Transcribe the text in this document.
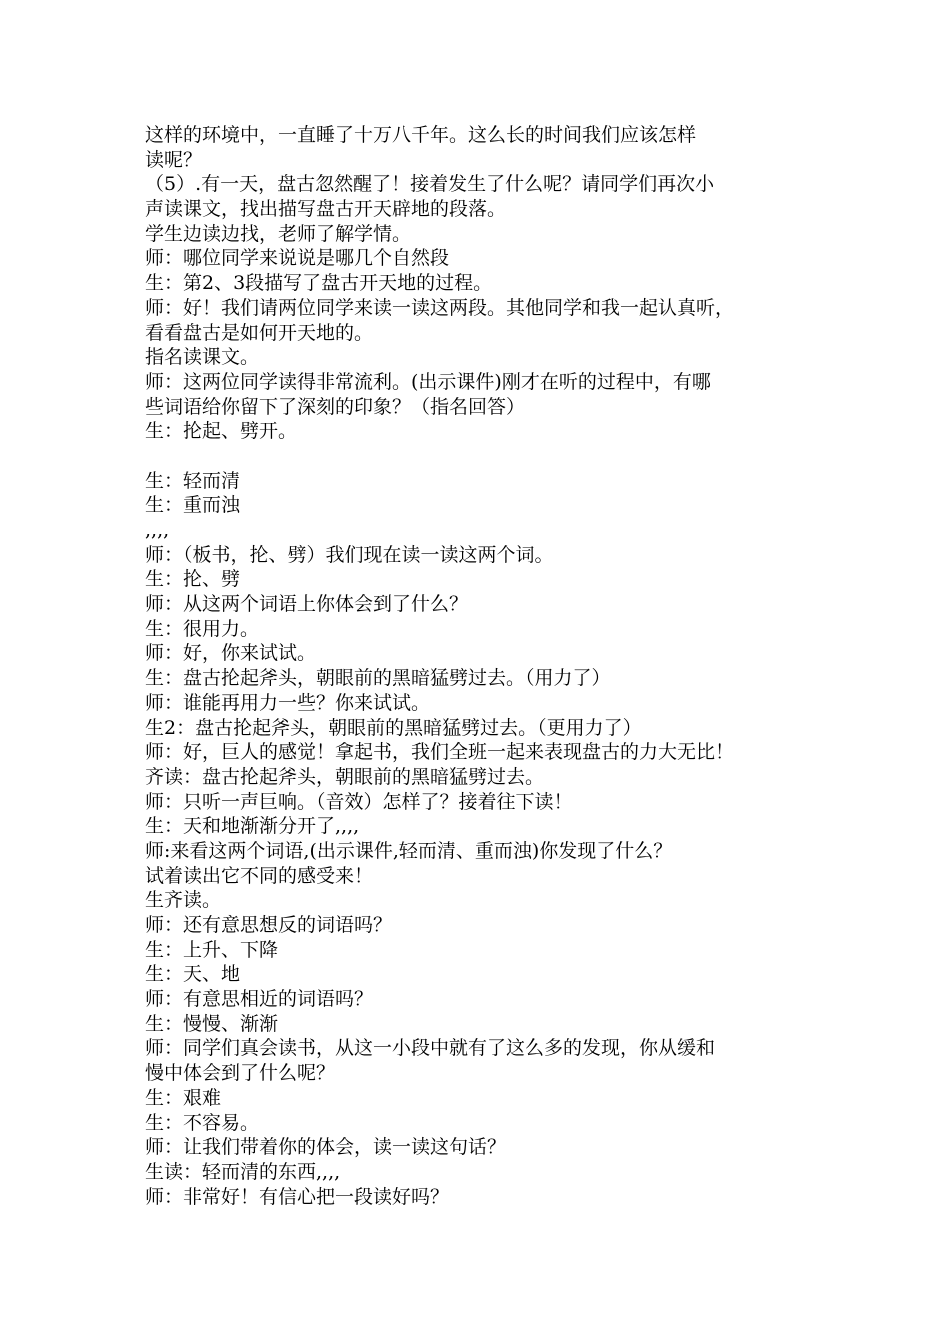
这样的环境中，一直睡了十万八千年。这么长的时间我们应该怎样
读呢？
（5）.有一天，盘古忽然醒了！接着发生了什么呢？请同学们再次小
声读课文，找出描写盘古开天辟地的段落。
学生边读边找，老师了解学情。
师：哪位同学来说说是哪几个自然段
生：第2、3段描写了盘古开天地的过程。
师：好！我们请两位同学来读一读这两段。其他同学和我一起认真听，
看看盘古是如何开天地的。
指名读课文。
师：这两位同学读得非常流利。(出示课件)刚才在听的过程中，有哪
些词语给你留下了深刻的印象？（指名回答）
生：抡起、劈开。
生：轻而清
生：重而浊
,,,,
师：（板书，抡、劈）我们现在读一读这两个词。
生：抡、劈
师：从这两个词语上你体会到了什么？
生：很用力。
师：好，你来试试。
生：盘古抡起斧头，朝眼前的黑暗猛劈过去。（用力了）
师：谁能再用力一些？你来试试。
生2：盘古抡起斧头，朝眼前的黑暗猛劈过去。（更用力了）
师：好，巨人的感觉！拿起书，我们全班一起来表现盘古的力大无比！
齐读：盘古抡起斧头，朝眼前的黑暗猛劈过去。
师：只听一声巨响。（音效）怎样了？接着往下读！
生：天和地渐渐分开了,,,,
师:来看这两个词语,(出示课件,轻而清、重而浊)你发现了什么？
试着读出它不同的感受来！
生齐读。
师：还有意思想反的词语吗？
生：上升、下降
生：天、地
师：有意思相近的词语吗？
生：慢慢、渐渐
师：同学们真会读书，从这一小段中就有了这么多的发现，你从缓和
慢中体会到了什么呢？
生：艰难
生：不容易。
师：让我们带着你的体会，读一读这句话？
生读：轻而清的东西,,,,
师：非常好！有信心把一段读好吗？
